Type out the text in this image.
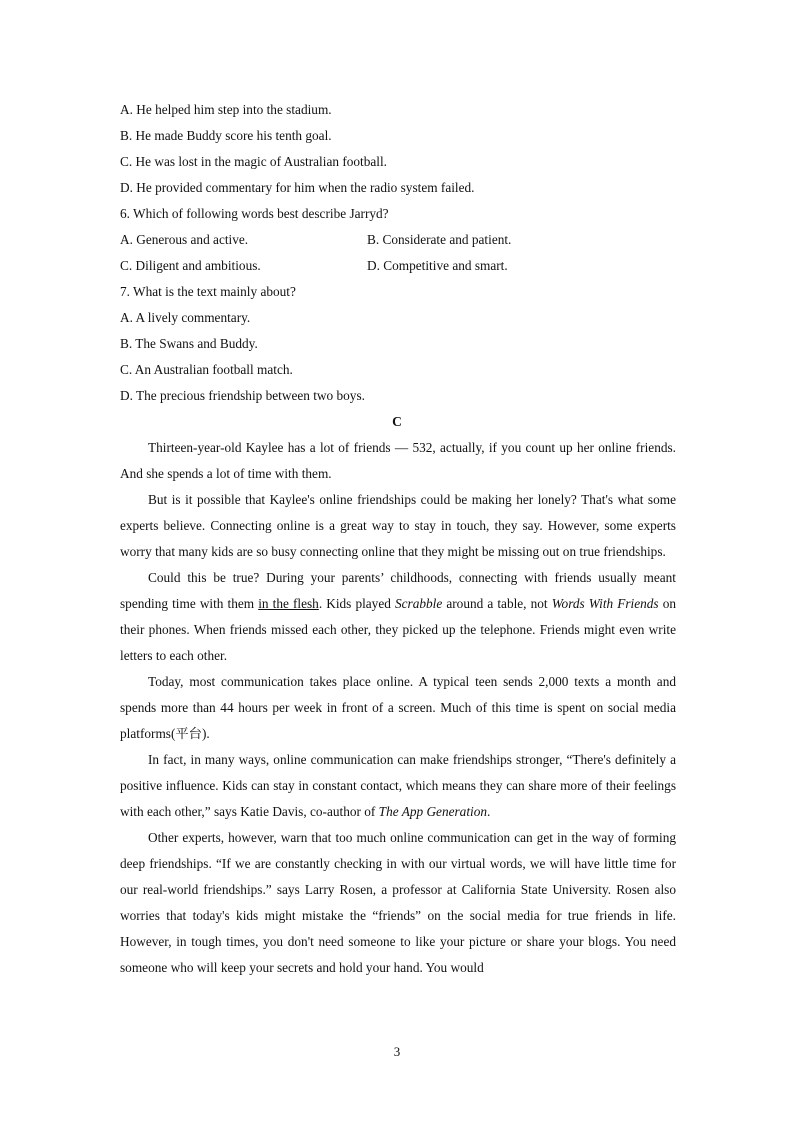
A. He helped him step into the stadium.
B. He made Buddy score his tenth goal.
C. He was lost in the magic of Australian football.
D. He provided commentary for him when the radio system failed.
6. Which of following words best describe Jarryd?
A. Generous and active.	B. Considerate and patient.
C. Diligent and ambitious.	D. Competitive and smart.
7. What is the text mainly about?
A. A lively commentary.
B. The Swans and Buddy.
C. An Australian football match.
D. The precious friendship between two boys.
C

Thirteen-year-old Kaylee has a lot of friends — 532, actually, if you count up her online friends. And she spends a lot of time with them.

But is it possible that Kaylee's online friendships could be making her lonely? That's what some experts believe. Connecting online is a great way to stay in touch, they say. However, some experts worry that many kids are so busy connecting online that they might be missing out on true friendships.

Could this be true? During your parents’ childhoods, connecting with friends usually meant spending time with them in the flesh. Kids played Scrabble around a table, not Words With Friends on their phones. When friends missed each other, they picked up the telephone. Friends might even write letters to each other.

Today, most communication takes place online. A typical teen sends 2,000 texts a month and spends more than 44 hours per week in front of a screen. Much of this time is spent on social media platforms(平台).

In fact, in many ways, online communication can make friendships stronger, “There's definitely a positive influence. Kids can stay in constant contact, which means they can share more of their feelings with each other,” says Katie Davis, co-author of The App Generation.

Other experts, however, warn that too much online communication can get in the way of forming deep friendships. “If we are constantly checking in with our virtual words, we will have little time for our real-world friendships.” says Larry Rosen, a professor at California State University. Rosen also worries that today's kids might mistake the “friends” on the social media for true friends in life. However, in tough times, you don't need someone to like your picture or share your blogs. You need someone who will keep your secrets and hold your hand. You would

3
